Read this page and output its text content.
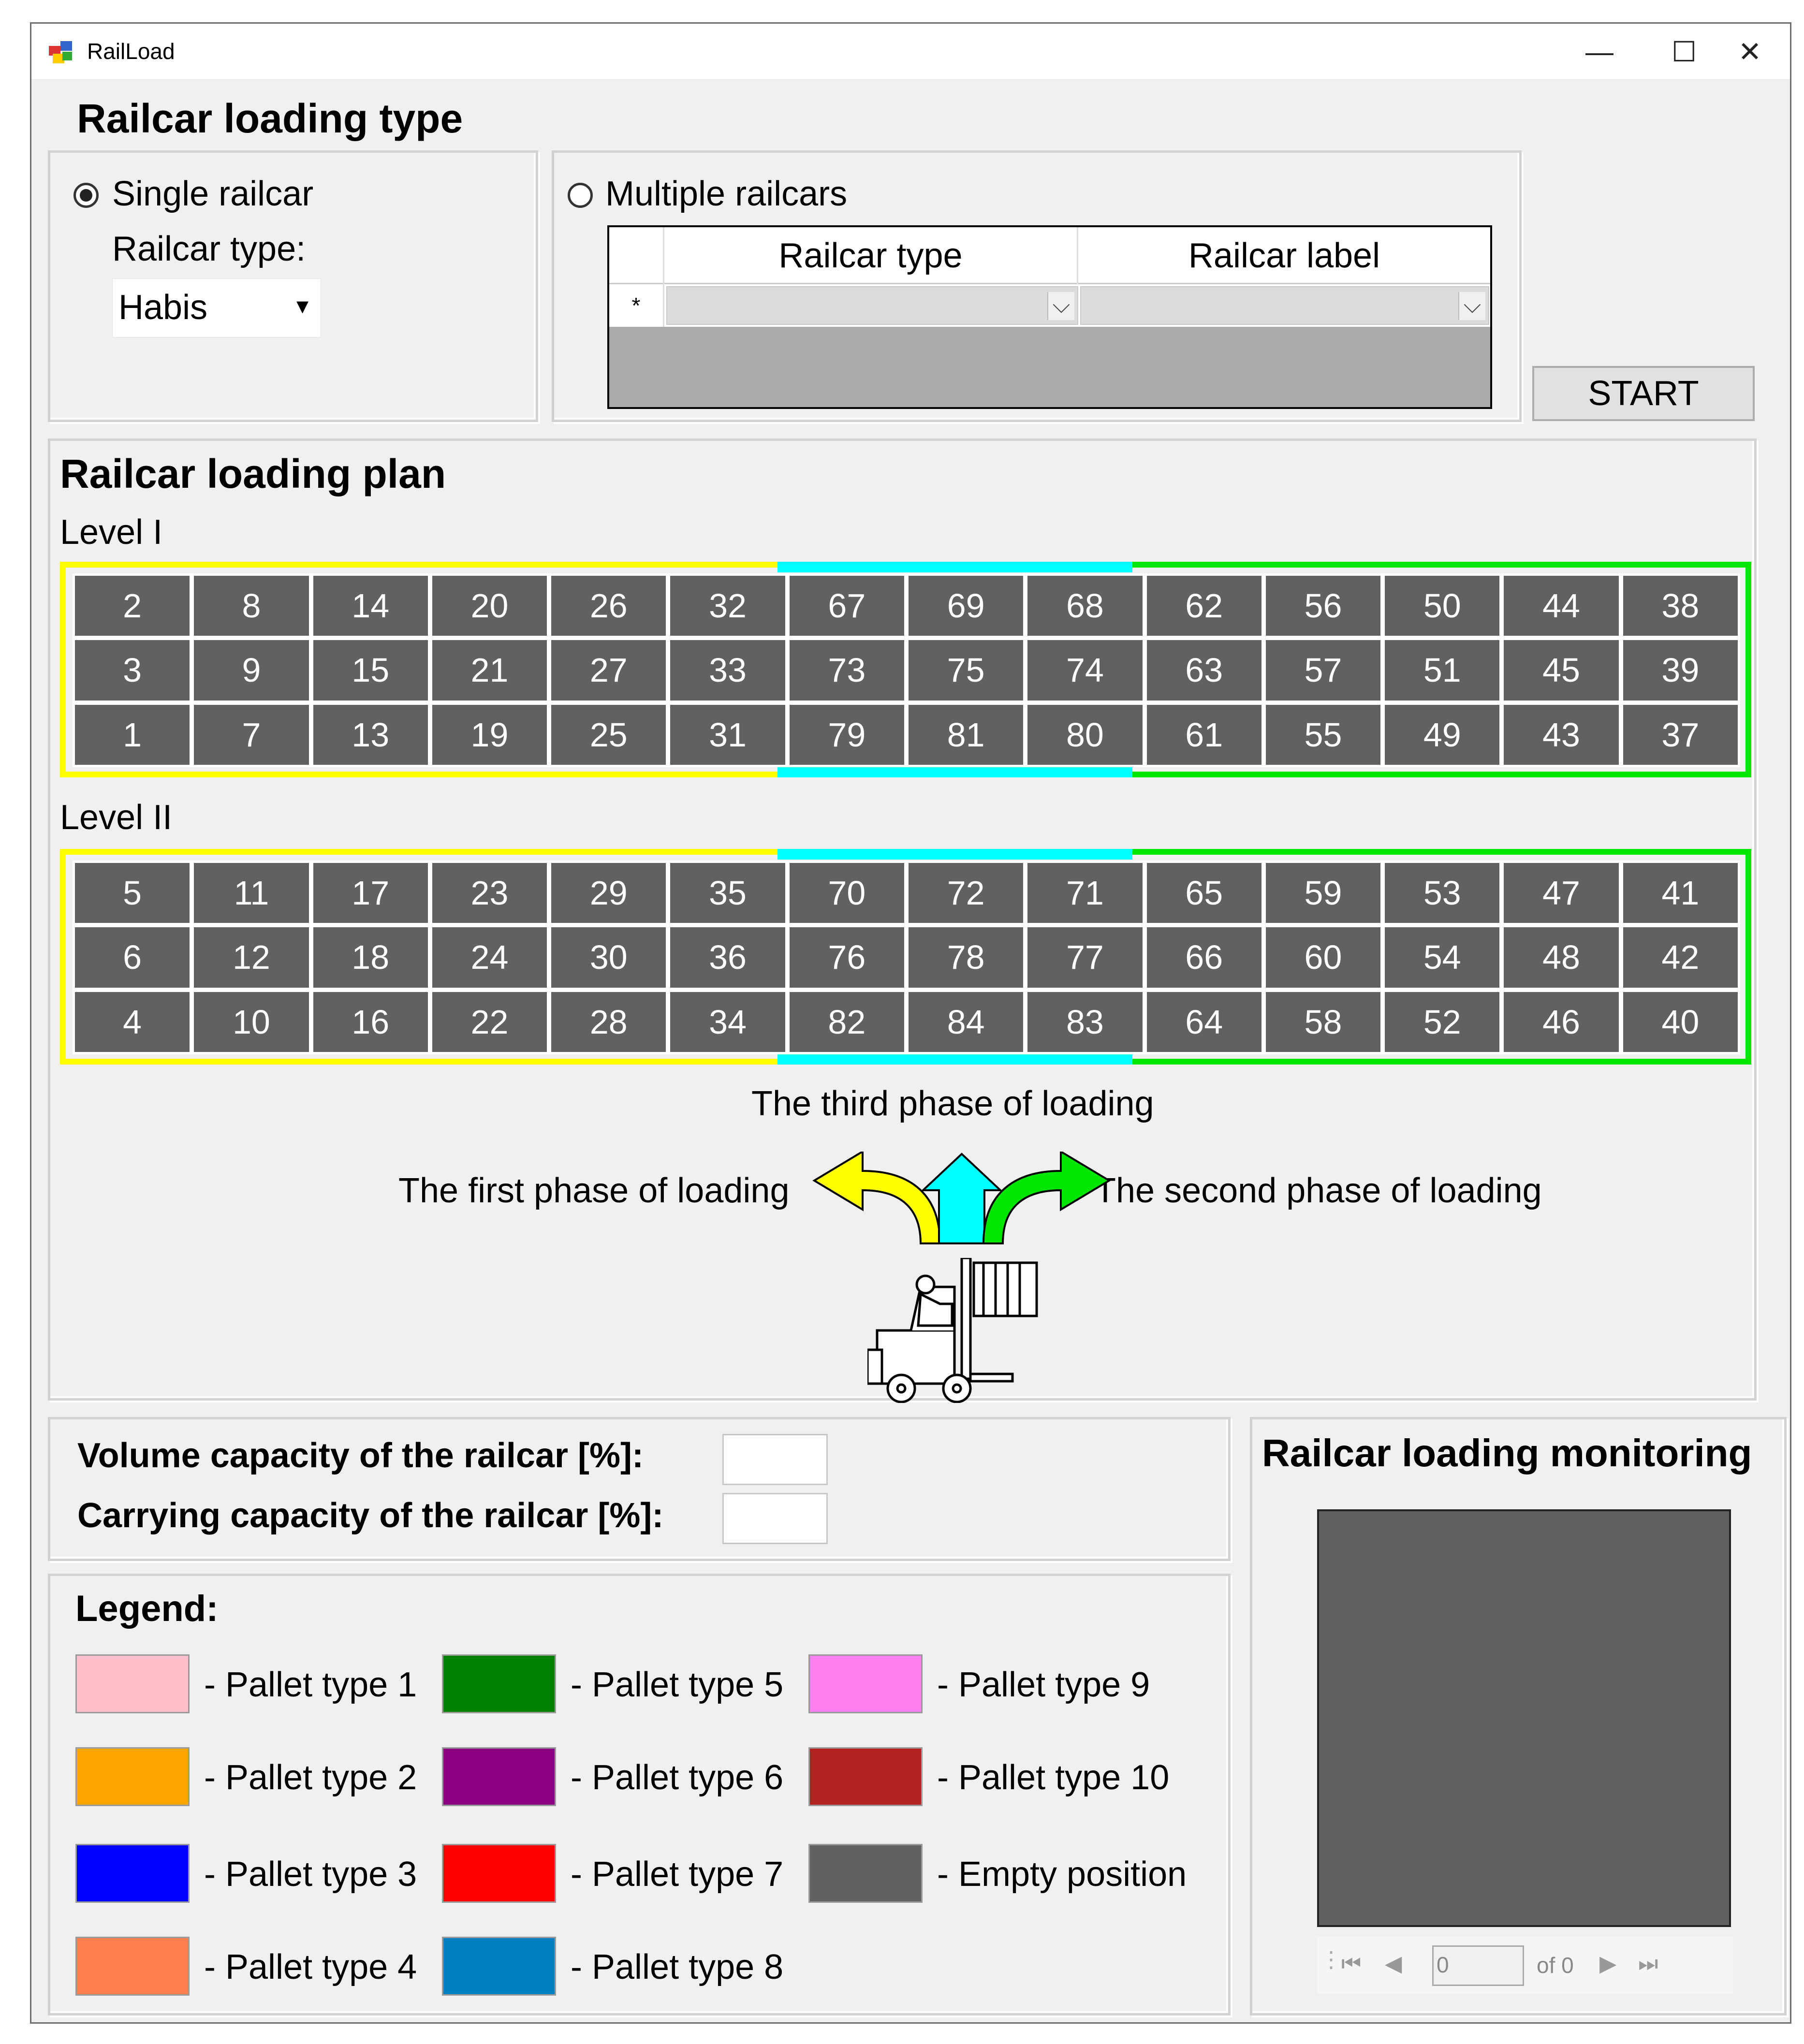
RailLoad	—	☐	✕
Railcar loading type
Single railcar
Railcar type:
Habis	▾
Multiple railcars
Railcar type	Railcar label
*	⌵	⌵
START
Railcar loading plan
Level I
2	8	14	20	26	32	67	69	68	62	56	50	44	38
3	9	15	21	27	33	73	75	74	63	57	51	45	39
1	7	13	19	25	31	79	81	80	61	55	49	43	37
Level II
5	11	17	23	29	35	70	72	71	65	59	53	47	41
6	12	18	24	30	36	76	78	77	66	60	54	48	42
4	10	16	22	28	34	82	84	83	64	58	52	46	40
The third phase of loading
The first phase of loading	The second phase of loading
Volume capacity of the railcar [%]:
Carrying capacity of the railcar [%]:
Legend:
- Pallet type 1
- Pallet type 2
- Pallet type 3
- Pallet type 4
- Pallet type 5
- Pallet type 6
- Pallet type 7
- Pallet type 8
- Pallet type 9
- Pallet type 10
- Empty position
Railcar loading monitoring
⋮
⏮ ◀ 0	of 0 ▶ ⏭
